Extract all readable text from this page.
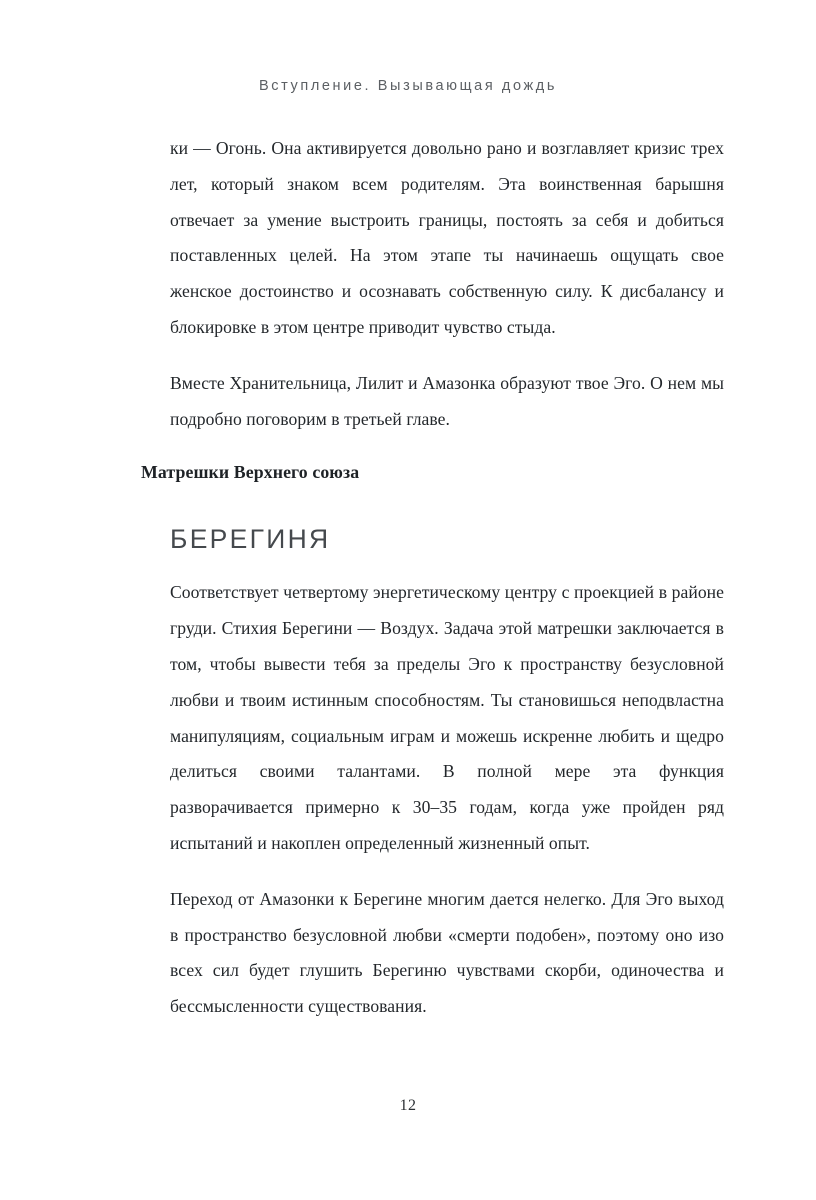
Вступление. Вызывающая дождь

ки — Огонь. Она активируется довольно рано и возглавляет кризис трех лет, который знаком всем родителям. Эта воинственная барышня отвечает за умение выстроить границы, постоять за себя и добиться поставленных целей. На этом этапе ты начинаешь ощущать свое женское достоинство и осознавать собственную силу. К дисбалансу и блокировке в этом центре приводит чувство стыда.

Вместе Хранительница, Лилит и Амазонка образуют твое Эго. О нем мы подробно поговорим в третьей главе.

Матрешки Верхнего союза
БЕРЕГИНЯ

Соответствует четвертому энергетическому центру с проекцией в районе груди. Стихия Берегини — Воздух. Задача этой матрешки заключается в том, чтобы вывести тебя за пределы Эго к пространству безусловной любви и твоим истинным способностям. Ты становишься неподвластна манипуляциям, социальным играм и можешь искренне любить и щедро делиться своими талантами. В полной мере эта функция разворачивается примерно к 30–35 годам, когда уже пройден ряд испытаний и накоплен определенный жизненный опыт.

Переход от Амазонки к Берегине многим дается нелегко. Для Эго выход в пространство безусловной любви «смерти подобен», поэтому оно изо всех сил будет глушить Берегиню чувствами скорби, одиночества и бессмысленности существования.

12
